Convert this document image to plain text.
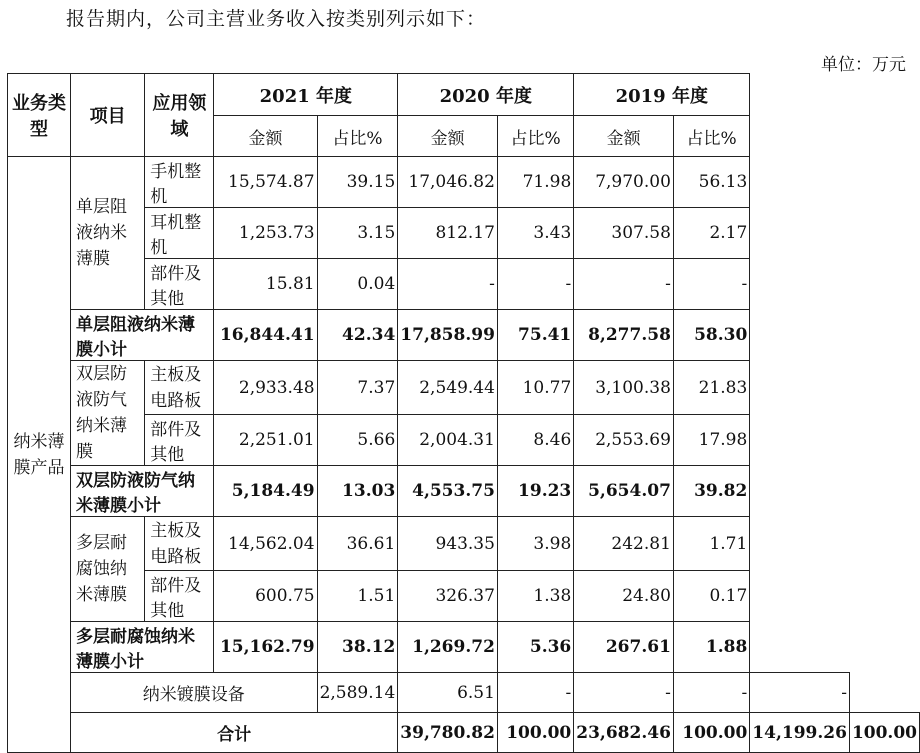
报告期内，公司主营业务收入按类别列示如下：
单位：万元
业务类型	项目	应用领域	2021 年度		2020 年度		2019 年度			
			金额	占比%	金额	占比%	金额	占比%		
纳米薄膜产品	单层阻液纳米薄膜	手机整机	15,574.87	39.15	17,046.82	71.98	7,970.00	56.13		
		耳机整机	1,253.73	3.15	812.17	3.43	307.58	2.17		
		部件及其他	15.81	0.04	-	-	-	-		
	单层阻液纳米薄膜小计		16,844.41	42.34	17,858.99	75.41	8,277.58	58.30		
	双层防液防气纳米薄膜	主板及电路板	2,933.48	7.37	2,549.44	10.77	3,100.38	21.83		
		部件及其他	2,251.01	5.66	2,004.31	8.46	2,553.69	17.98		
	双层防液防气纳米薄膜小计		5,184.49	13.03	4,553.75	19.23	5,654.07	39.82		
	多层耐腐蚀纳米薄膜	主板及电路板	14,562.04	36.61	943.35	3.98	242.81	1.71		
		部件及其他	600.75	1.51	326.37	1.38	24.80	0.17		
	多层耐腐蚀纳米薄膜小计		15,162.79	38.12	1,269.72	5.36	267.61	1.88		
	纳米镀膜设备			2,589.14	6.51	-	-	-	-	
	合计				39,780.82	100.00	23,682.46	100.00	14,199.26	100.00
